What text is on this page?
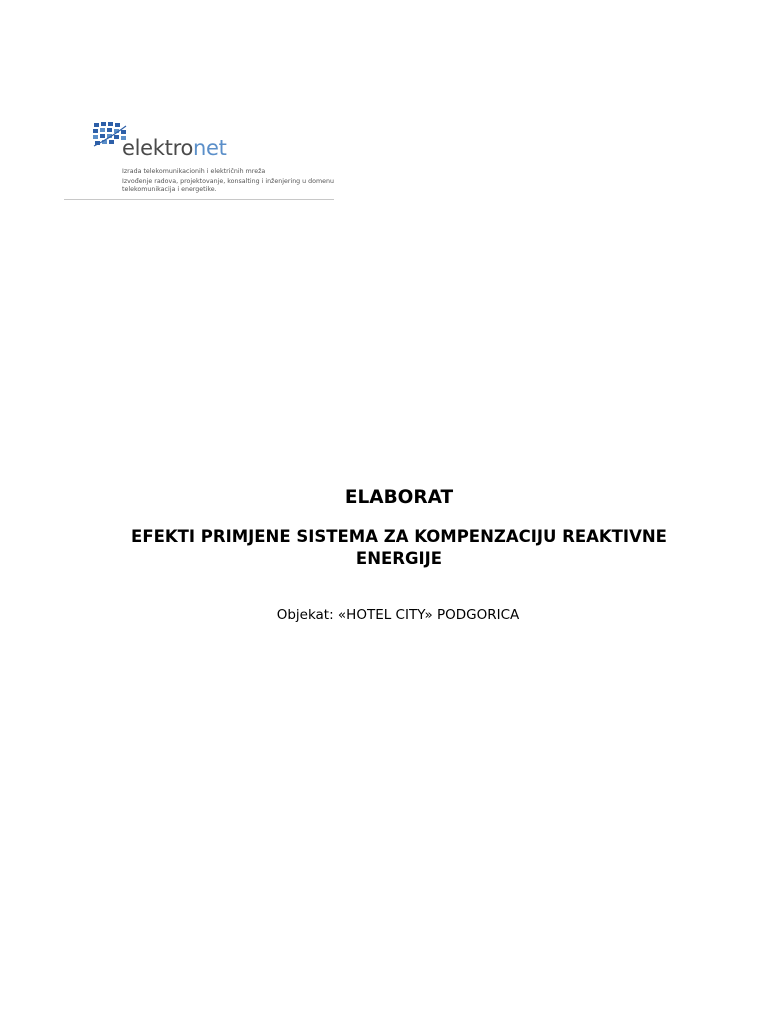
elektronet

Izrada telekomunikacionih i električnih mreža

Izvođenje radova, projektovanje, konsalting i inženjering u domenu telekomunikacija i energetike.

ELABORAT
EFEKTI PRIMJENE SISTEMA ZA KOMPENZACIJU REAKTIVNE ENERGIJE
Objekat: «HOTEL CITY» PODGORICA
